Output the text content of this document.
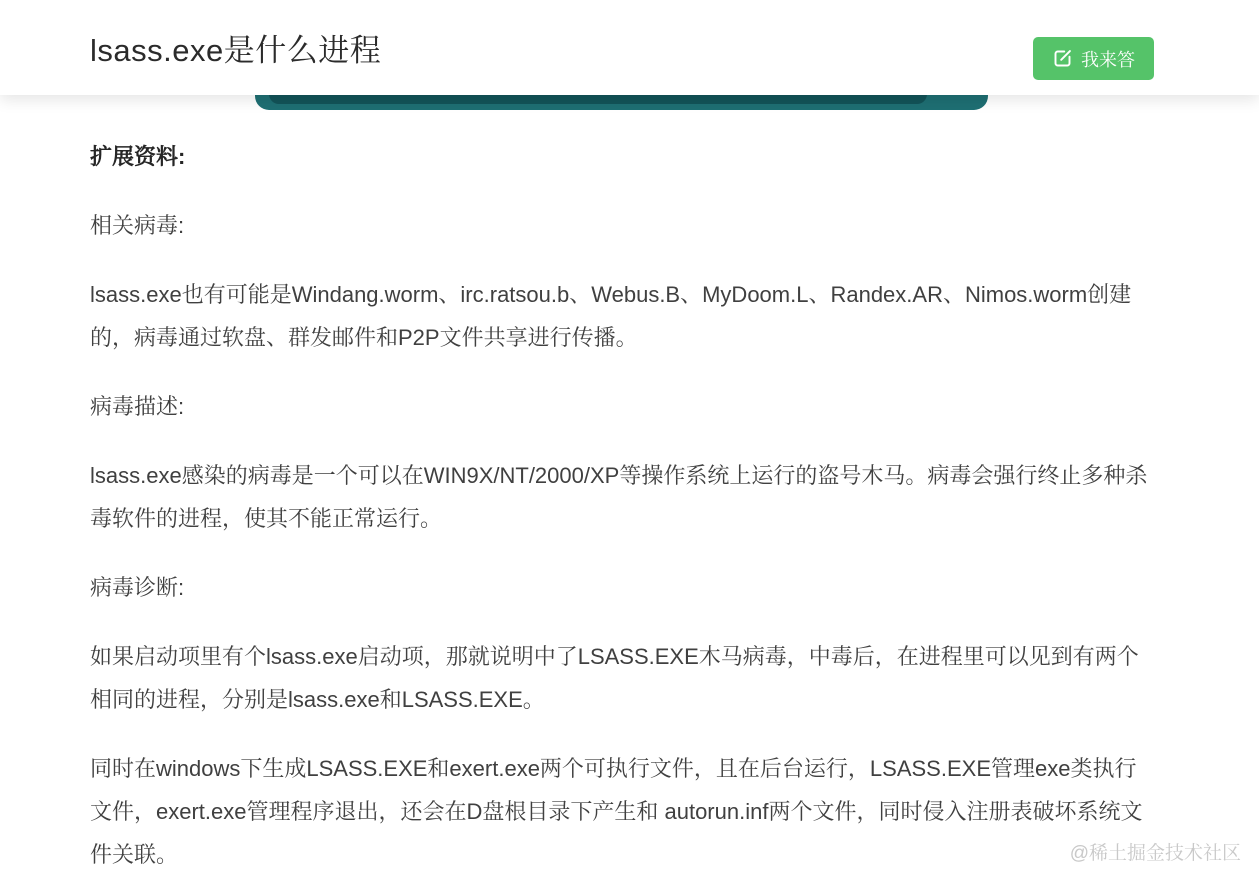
lsass.exe是什么进程	我来答

扩展资料:

相关病毒:

lsass.exe也有可能是Windang.worm、irc.ratsou.b、Webus.B、MyDoom.L、Randex.AR、Nimos.worm创建的，病毒通过软盘、群发邮件和P2P文件共享进行传播。

病毒描述:

lsass.exe感染的病毒是一个可以在WIN9X/NT/2000/XP等操作系统上运行的盗号木马。病毒会强行终止多种杀毒软件的进程，使其不能正常运行。

病毒诊断:

如果启动项里有个lsass.exe启动项，那就说明中了LSASS.EXE木马病毒，中毒后，在进程里可以见到有两个相同的进程，分别是lsass.exe和LSASS.EXE。

同时在windows下生成LSASS.EXE和exert.exe两个可执行文件，且在后台运行，LSASS.EXE管理exe类执行文件，exert.exe管理程序退出，还会在D盘根目录下产生和 autorun.inf两个文件，同时侵入注册表破坏系统文件关联。	@稀土掘金技术社区
